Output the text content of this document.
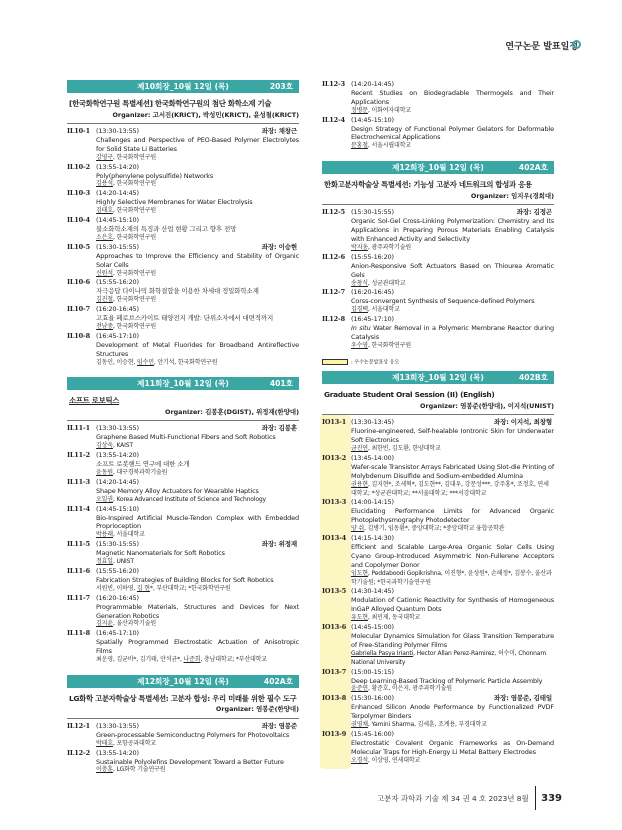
연구논문 발표일정
제10회장_10월 12일 (목)	203호
[한국화학연구원 특별세션] 한국화학연구원의 첨단 화학소재 기술
Organizer: 고서진(KRICT), 박성민(KRICT), 윤성철(KRICT)
IL10-1 (13:30-13:55)	좌장: 채창근
Challenges and Perspective of PEO-Based Polymer Electrolytes for Solid State Li Batteries
강영구, 한국화학연구원
IL10-2 (13:55-14:20)
Poly(phenylene polysulfide) Networks
김용석, 한국화학연구원
IL10-3 (14:20-14:45)
Highly Selective Membranes for Water Electrolysis
김태호, 한국화학연구원
IL10-4 (14:45-15:10)
불소화학소재의 특징과 산업 현황 그리고 향후 전망
소은호, 한국화학연구원
IL10-5 (15:30-15:55)	좌장: 이승현
Approaches to Improve the Efficiency and Stability of Organic Solar Cells
신원석, 한국화학연구원
IL10-6 (15:55-16:20)
자극응답 다이나믹 화학결합을 이용한 차세대 정밀화학소재
김진철, 한국화학연구원
IL10-7 (16:20-16:45)
고효율 페로브스카이트 태양전지 개발: 단위소자에서 대면적까지
전남중, 한국화학연구원
IL10-8 (16:45-17:10)
Development of Metal Fluorides for Broadband Antireflective Structures
김동인, 이승현, 임수민, 안기석, 한국화학연구원
제11회장_10월 12일 (목)	401호
소프트 로보틱스
Organizer: 김봉훈(DGIST), 위정재(한양대)
IL11-1 (13:30-13:55)	좌장: 김봉훈
Graphene Based Multi-Functional Fibers and Soft Robotics
김상욱, KAIST
IL11-2 (13:55-14:20)
소프트 로봇핸드 연구에 대한 소개
윤동원, 대구경북과학기술원
IL11-3 (14:20-14:45)
Shape Memory Alloy Actuators for Wearable Haptics
오일권, Korea Advanced Institute of Science and Technology
IL11-4 (14:45-15:10)
Bio-Inspired Artificial Muscle-Tendon Complex with Embedded Proprioception
박용래, 서울대학교
IL11-5 (15:30-15:55)	좌장: 위정재
Magnetic Nanomaterials for Soft Robotics
정효일, UNIST
IL11-6 (15:55-16:20)
Fabrication Strategies of Building Blocks for Soft Robotics
서원빈, 이하영, 김 현*, 부산대학교; *한국화학연구원
IL11-7 (16:20-16:45)
Programmable Materials, Structures and Devices for Next Generation Robotics
김지윤, 울산과학기술원
IL11-8 (16:45-17:10)
Spatially Programmed Electrostatic Actuation of Anisotropic Films
최운영, 김균비*, 김기태, 안석균*, 나준희, 충남대학교; *부산대학교
제12회장_10월 12일 (목)	402A호
LG화학 고분자학술상 특별세션: 고분자 합성: 우리 미래를 위한 필수 도구
Organizer: 염봉준(한양대)
IL12-1 (13:30-13:55)	좌장: 염봉준
Green-processable Semiconductng Polymers for Photovoltaics
박태호, 포항공과대학교
IL12-2 (13:55-14:20)
Sustainable Polyolefins Development Toward a Better Future
이충훈, LG화학 기술연구원
IL12-3 (14:20-14:45)
Recent Studies on Biodegradable Thermogels and Their Applications
정병문, 이화여자대학교
IL12-4 (14:45-15:10)
Design Strategy of Functional Polymer Gelators for Deformable Electrochemical Applications
문홍철, 서울시립대학교
제12회장_10월 12일 (목)	402A호
한화고분자학술상 특별세션: 기능성 고분자 네트워크의 합성과 응용
Organizer: 임지우(경희대)
IL12-5 (15:30-15:55)	좌장: 김정곤
Organic Sol-Gel Cross-Linking Polymerization: Chemistry and Its Applications in Preparing Porous Materials Enabling Catalysis with Enhanced Activity and Selectivity
박지웅, 광주과학기술원
IL12-6 (15:55-16:20)
Anion-Responsive Soft Actuators Based on Thiourea Aromatic Gels
송창식, 성균관대학교
IL12-7 (16:20-16:45)
Corss-convergent Synthesis of Sequence-defined Polymers
김경택, 서울대학교
IL12-8 (16:45-17:10)
In situ Water Removal in a Polymeric Membrane Reactor during Catalysis
우수영, 한국화학연구원
: 우수논문발표상 응모
제13회장_10월 12일 (목)	402B호
Graduate Student Oral Session (II) (English)
Organizer: 염봉준(한양대), 이지석(UNIST)
IO13-1 (13:30-13:45)	좌장: 이지석, 최창형
Fluorine-engineered, Self-healable Iontronic Skin for Underwater Soft Electronics
금진연, 최한빈, 김도환, 한양대학교
IO13-2 (13:45-14:00)
Wafer-scale Transistor Arrays Fabricated Using Slot-die Printing of Molybdenum Disulfide and Sodium-embedded Alumina
권용현, 김지현*, 조세혁*, 김도현**, 김대우, 강문성***, 강주홍*, 조정호, 연세대학교; *성균관대학교; **서울대학교; ***서강대학교
IO13-3 (14:00-14:15)
Elucidating Performance Limits for Advanced Organic Photoplethysmography Photodetector
양 쉬, 김병기, 임동환*, 중앙대학교; *중앙대학교 융합공학관
IO13-4 (14:15-14:30)
Efficient and Scalable Large-Area Organic Solar Cells Using Cyano Group-Introduced Asymmetric Non-Fullerene Acceptors and Copolymer Donor
임도현, Peddaboodi Gopikrishna, 이진형*, 윤성원*, 손해정*, 김봉수, 울산과학기술원; *한국과학기술연구원
IO13-5 (14:30-14:45)
Modulation of Cationic Reactivity for Synthesis of Homogeneous InGaP Alloyed Quantum Dots
유도현, 최민제, 동국대학교
IO13-6 (14:45-15:00)
Molecular Dynamics Simulation for Glass Transition Temperature of Free-Standing Polymer Films
Gabriella Pasya Irianti, Hector Allan Perez-Ramirez, 허수미, Chonnam National University
IO13-7 (15:00-15:15)
Deep Learning-Based Tracking of Polymeric Particle Assembly
윤준연, 황준호, 이은지, 광주과학기술원
IO13-8 (15:30-16:00)	좌장: 염봉준, 김태일
Enhanced Silicon Anode Performance by Functionalized PVDF Terpolymer Binders
권영채, Yamini Sharma, 김세훈, 조계용, 부경대학교
IO13-9 (15:45-16:00)
Electrostatic Covalent Organic Frameworks as On-Demand Molecular Traps for High-Energy Li Metal Battery Electrodes
오경석, 이상영, 연세대학교
고분자 과학과 기술 제 34 권 4 호 2023년 8월 339
